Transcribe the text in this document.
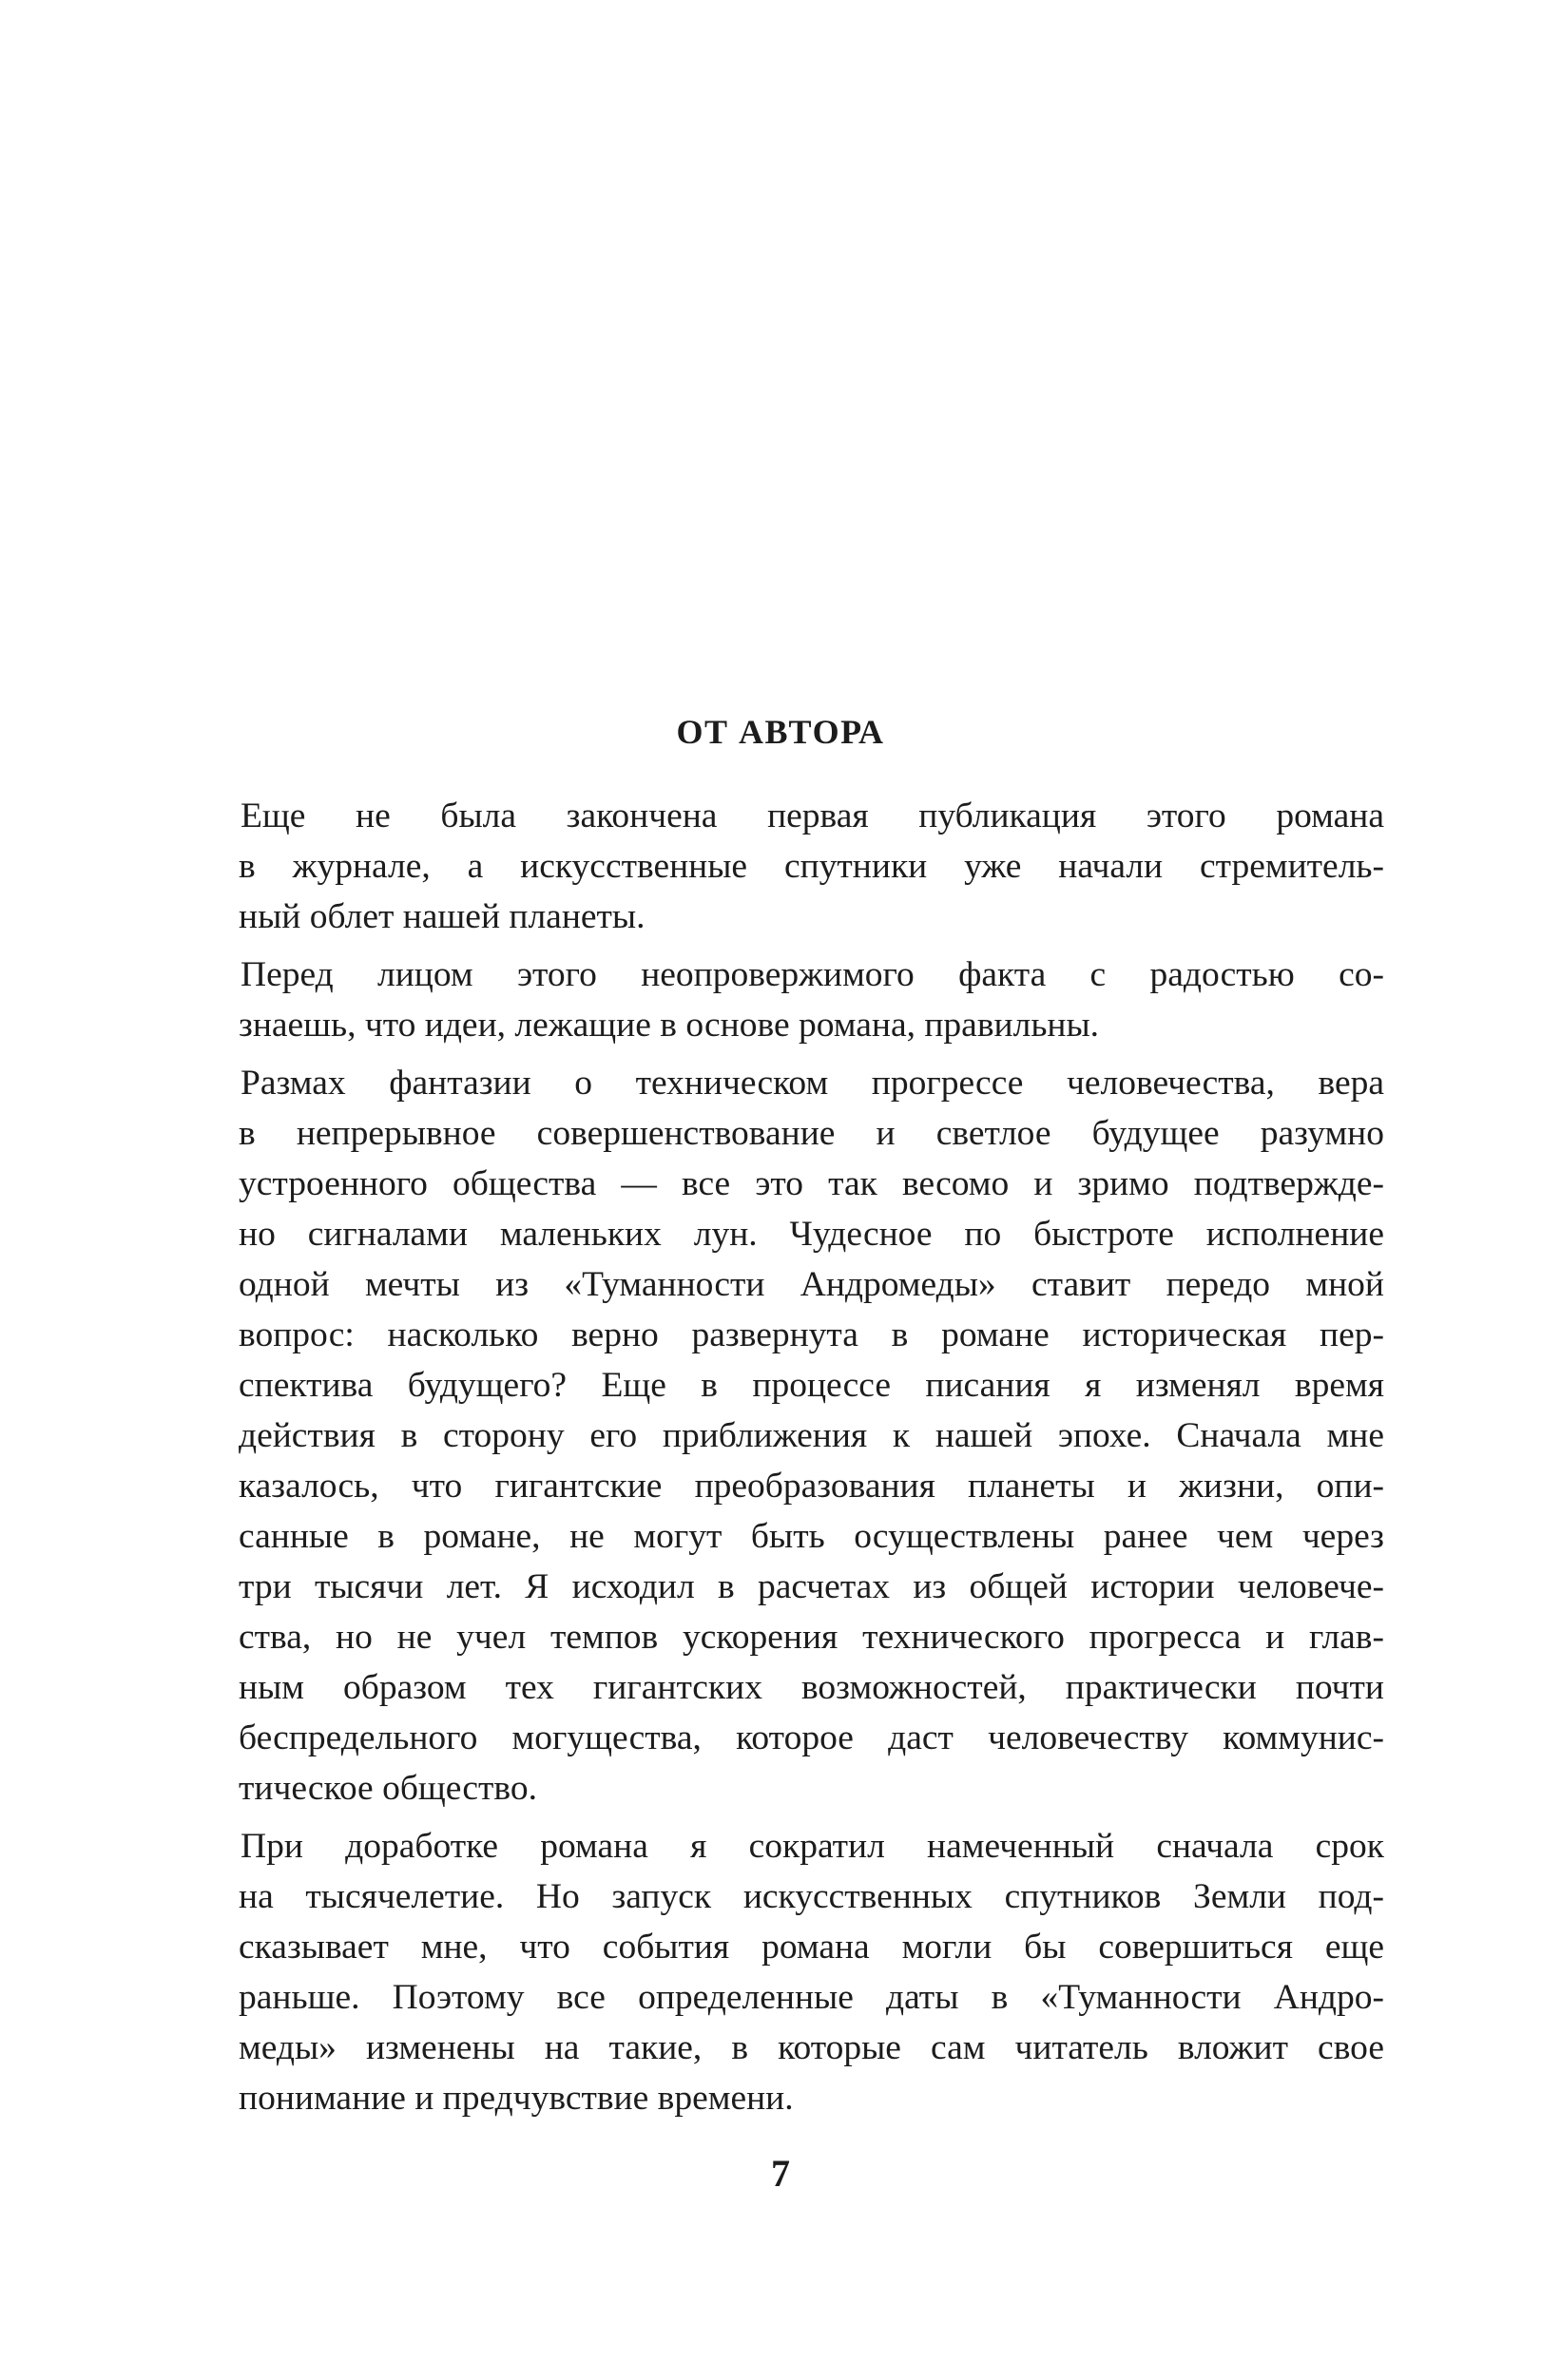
ОТ АВТОРА

Еще не была закончена первая публикация этого романа
в журнале, а искусственные спутники уже начали стремитель-
ный облет нашей планеты.

Перед лицом этого неопровержимого факта с радостью со-
знаешь, что идеи, лежащие в основе романа, правильны.

Размах фантазии о техническом прогрессе человечества, вера
в непрерывное совершенствование и светлое будущее разумно
устроенного общества — все это так весомо и зримо подтвержде-
но сигналами маленьких лун. Чудесное по быстроте исполнение
одной мечты из «Туманности Андромеды» ставит передо мной
вопрос: насколько верно развернута в романе историческая пер-
спектива будущего? Еще в процессе писания я изменял время
действия в сторону его приближения к нашей эпохе. Сначала мне
казалось, что гигантские преобразования планеты и жизни, опи-
санные в романе, не могут быть осуществлены ранее чем через
три тысячи лет. Я исходил в расчетах из общей истории человече-
ства, но не учел темпов ускорения технического прогресса и глав-
ным образом тех гигантских возможностей, практически почти
беспредельного могущества, которое даст человечеству коммунис-
тическое общество.

При доработке романа я сократил намеченный сначала срок
на тысячелетие. Но запуск искусственных спутников Земли под-
сказывает мне, что события романа могли бы совершиться еще
раньше. Поэтому все определенные даты в «Туманности Андро-
меды» изменены на такие, в которые сам читатель вложит свое
понимание и предчувствие времени.

7
